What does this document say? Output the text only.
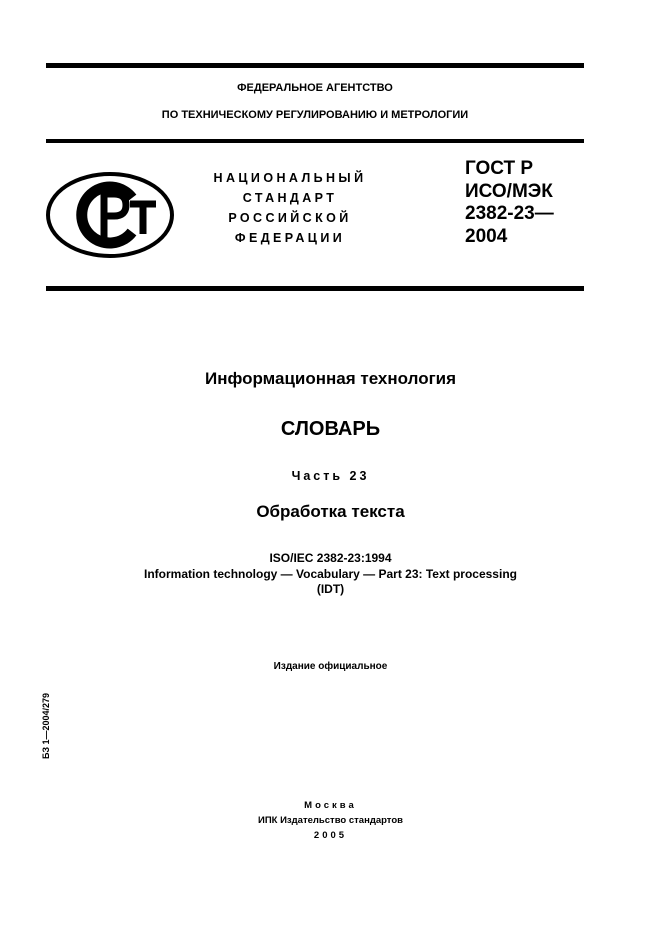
ФЕДЕРАЛЬНОЕ АГЕНТСТВО
ПО ТЕХНИЧЕСКОМУ РЕГУЛИРОВАНИЮ И МЕТРОЛОГИИ
НАЦИОНАЛЬНЫЙ
СТАНДАРТ
РОССИЙСКОЙ
ФЕДЕРАЦИИ
ГОСТ Р
ИСО/МЭК
2382-23—
2004
Информационная технология
СЛОВАРЬ
Часть 23
Обработка текста
ISO/IEC 2382-23:1994
Information technology — Vocabulary — Part 23: Text processing
(IDT)
Издание официальное
БЗ 1—2004/279
Москва
ИПК Издательство стандартов
2005
